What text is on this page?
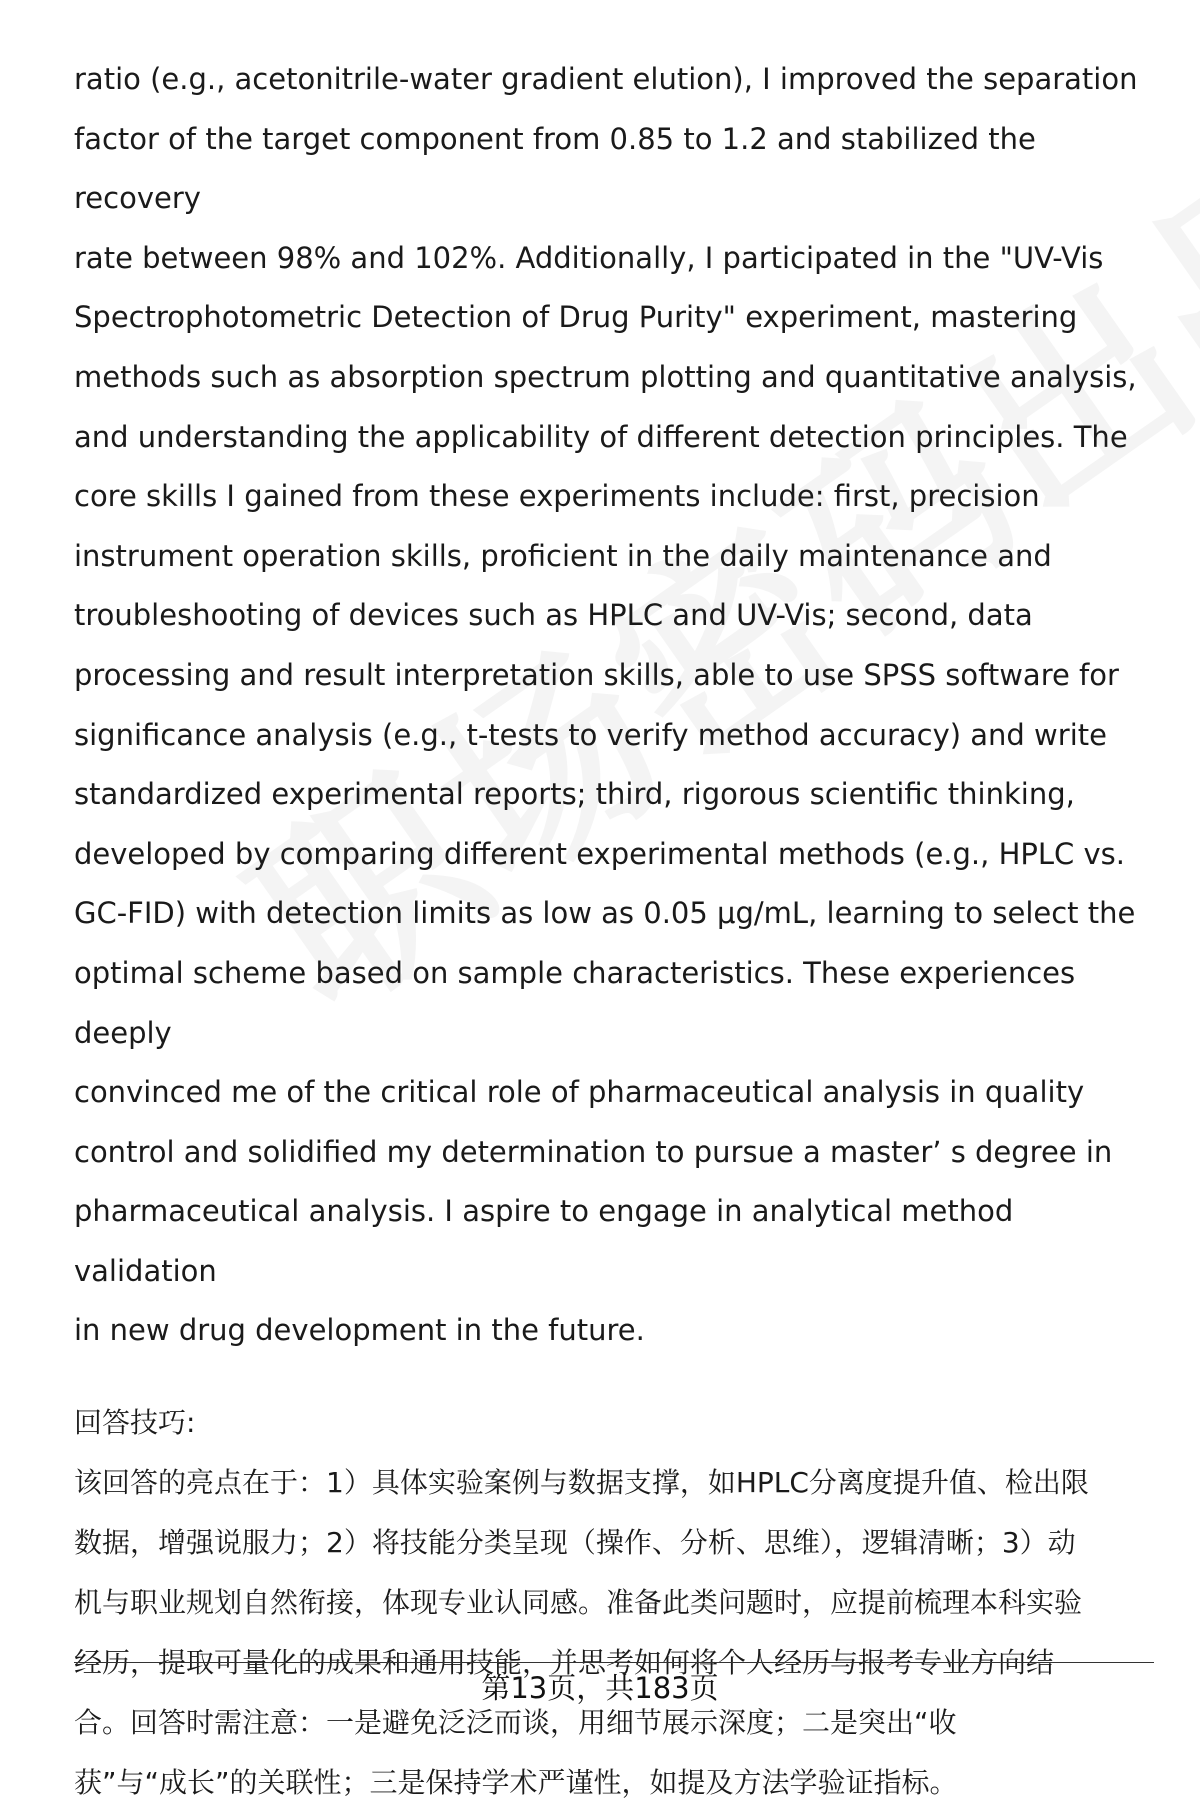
ratio (e.g., acetonitrile-water gradient elution), I improved the separation
factor of the target component from 0.85 to 1.2 and stabilized the recovery
rate between 98% and 102%. Additionally, I participated in the "UV-Vis
Spectrophotometric Detection of Drug Purity" experiment, mastering
methods such as absorption spectrum plotting and quantitative analysis,
and understanding the applicability of different detection principles. The
core skills I gained from these experiments include: first, precision
instrument operation skills, proficient in the daily maintenance and
troubleshooting of devices such as HPLC and UV-Vis; second, data
processing and result interpretation skills, able to use SPSS software for
significance analysis (e.g., t-tests to verify method accuracy) and write
standardized experimental reports; third, rigorous scientific thinking,
developed by comparing different experimental methods (e.g., HPLC vs.
GC-FID) with detection limits as low as 0.05 μg/mL, learning to select the
optimal scheme based on sample characteristics. These experiences deeply
convinced me of the critical role of pharmaceutical analysis in quality
control and solidified my determination to pursue a master’ s degree in
pharmaceutical analysis. I aspire to engage in analytical method validation
in new drug development in the future.

回答技巧:

该回答的亮点在于：1）具体实验案例与数据支撑，如HPLC分离度提升值、检出限
数据，增强说服力；2）将技能分类呈现（操作、分析、思维），逻辑清晰；3）动
机与职业规划自然衔接，体现专业认同感。准备此类问题时，应提前梳理本科实验
经历，提取可量化的成果和通用技能，并思考如何将个人经历与报考专业方向结
合。回答时需注意：一是避免泛泛而谈，用细节展示深度；二是突出“收
获”与“成长”的关联性；三是保持学术严谨性，如提及方法学验证指标。

第13页，共183页
